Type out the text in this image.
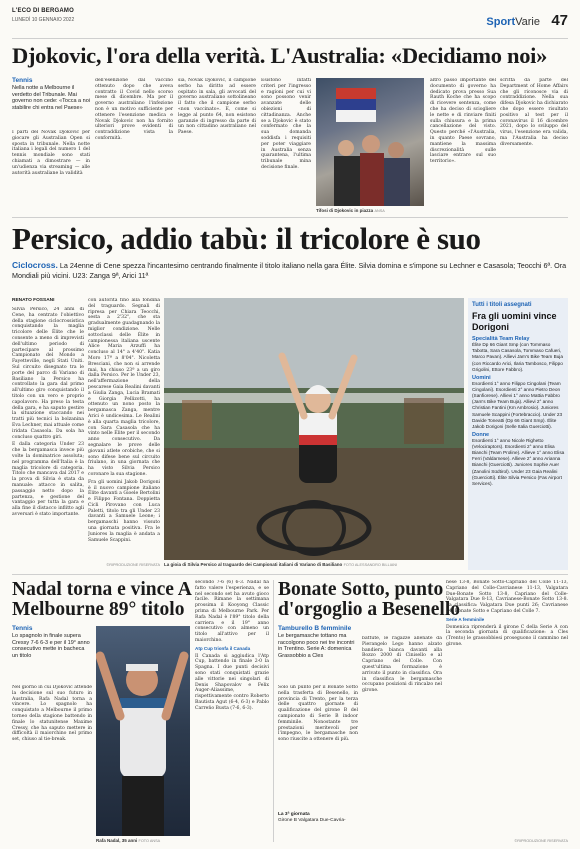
L'ECO DI BERGAMO
LUNEDÌ 10 GENNAIO 2022	SportVarie 47
Djokovic, l'ora della verità. L'Australia: «Decidiamo noi»
Tennis
Nella notte a Melbourne il verdetto del Tribunale. Mai governo non cede: «Tocca a noi stabilire chi entra nel Paese»
I parti del Novak Djokovic per giocare gli Australian Open si sposta in tribunale. Nella notte italiana i legali del numero 1 del tennis mondiale sono stati chiamati a dimostrare — in un'udienza via streaming — alle autorità australiane la validità
dell'esenzione dal vaccino ottenuto dopo che aveva contratto il Covid nello scorso mese di dicembre. Ma per il governo australiano l'infezione non è un motivo sufficiente per ottenere l'esenzione medica e Novak Djokovic non ha fornito ulteriori prove evidenti di contraddizione vista la conformità.
sia, Novak Djokovic, il campione serbo ha diritto ad essere ospitato in sala, gli avvocati del governo australiano sottolineano il fatto che il campione serbo «non vaccinato». E, come si legge al punto 64, non esistono garanzie di ingresso da parte di un non cittadino australiano nel Paese.
Esistono infatti criteri per l'ingresso e ragioni per cui vi sono possono venir avanzate delle obiezioni di cittadinanza. Anche se a Djokovic è stato confermato che la sua domanda soddisfa i requisiti per poter viaggiare in Australia senza quarantena, l'ultima tribunale mina decisione finale.
Tifosi di Djokovic in piazza ANSA
altro passo importante del documento di governo ha dedicato prova presso Sua Rauth Koche che ha scopo di ricevere sentenza, come che ha deciso di sciogliere le nette e di rinviare finiti sulla chiusura e la prima cancellazione del visto. Questo perché «l'Australia, in quanto Paese sovrano, mantiene la massima discrezionalità sulle lasciare entrare sul suo territorio».
scritta da parte del Department of Home Affairs che gli riconosce via di contraddizione. Nella sua difesa Djokovic ha dichiarato che dopo essere risultato positivo al test per il coronavirus il 16 dicembre 2021, dopo lo sviluppo del virus, l'esenzione era valida, ma l'Australia ha deciso diversamente.
Persico, addio tabù: il tricolore è suo
Ciclocross. La 24enne di Cene spezza l'incantesimo centrando finalmente il titolo italiano nella gara Élite. Silvia domina e s'impone su Lechner e Casasola; Teocchi 6ª. Ora Mondiali più vicini. U23: Zanga 9ª, Arici 11ª
RENATO FOSSANI

Silvia Persico, 24 anni di Cene, ha centrato l'obiettivo della stagione ciclocrossistica conquistando la maglia tricolore delle Élite che le consente a meno di imprevisti dell'ultimo periodo di partecipare al prossimo Campionato del Mondo a Fayetteville, negli Stati Uniti. Sul circuito disegnato tra le porte del parco di Variano di Basiliano la Persico ha controllato la gara dal primo all'ultimo giro conquistando il titolo con un vero e proprio capolavoro. Ha preso la testa della gara, e ha saputo gestire la situazione staccando nei tratti più tecnici la bolzanina Eva Lechner, mai attuale come iridata Casasola. Da sola ha concluso quattro giri.

E dalla categoria Under 23 che la bergamasca invece più volte la dominatrice assoluta; nel programma dell'Italia è la maglia tricolore di categoria. Titolo che mancava dal 2017 e la prova di Silvia è stata da manuale: attacco in salita, passaggio netto dopo la partenza, e gestione del vantaggio per tutta la gara e alla fine il distacco inflitto agli avversari è stato importante.

con autorità fino alla fondina del traguardo. Segnali di ripresa per Chiara Teocchi, sesta a 2'32", che sta gradualmente guadagnando la miglior condizione. Nelle sottoclassi delle Élite in campionessa italiana uscente Alice Maria Arzuffi ha concluso al 14° a 4'40". Katia Moro 17ª a 8'04". Nicoletta Bresciani, che non si arrende mai, ha chiuso 23ª a un giro dalla Persico. Per le Under 23, nell'affermazione della pescarese Gaia Realini davanti a Giulia Zanga, Lucia Bramati e Giorgia Pellizotti, ha ottenuto un nono posto la bergamasca Zanga, mentre Arici è undicesima. Le Realini è alla quarta maglia tricolore, con Sara Casasola che ha vinto nelle Élite per il secondo anno consecutivo. Da segnalare le prove delle giovani atlete orobiche, che si sono difese bene sul circuito friulano, in una giornata che ha visto Silvia Persico coronare la sua stagione.

Fra gli uomini Jakob Dorigoni è il nuovo campione italiano Élite davanti a Gioele Bertolini e Filippo Fontana. Doppietta Cicli Pirovano con Luca Paletti, titolo tra gli Under 23 davanti a Samuele Leone; i bergamaschi hanno vissuto una giornata positiva. Fra le Juniores la maglia è andata a Samuele Scappini.

La gioia di Silvia Persico al traguardo dei Campionati italiani di Variano di Basiliano FOTO ALESSANDRO BILLIANI
©RIPRODUZIONE RISERVATA
Tutti i titoli assegnati
Fra gli uomini vince Dorigoni
Specialità Team Relay

Élite Dp 66 Giant Smp (con Tommaso Tabotta, Sara Casasola, Tommaso Cafueri, Marco Pavan). Allievi Jam's Bike Team Buja (con Riccardo Arici, Ilaria Tambosco, Filippo Grigolini, Ettore Fabbro).

Uomini

Esordienti 1° anno Filippo Cingolani (Team Cingolani). Esordienti 2° anno Pietro Deon (Sanfiorese). Allievi 1° anno Mattia Fabbro (Jam's Bike Team Buja). Allievi 2° anno Christian Fantini (Km Ambrosio). Juniores Samuele Scappini (Fortebraccio). Under 23 Davide Toneatti (Dp 66 Giant Smp). Élite Jakob Dorigoni (Selle Italia Guerciotti).

Donne

Esordienti 1° anno Nicole Righetto (Velociraptors). Esordienti 2° anno Elisa Bianchi (Team Proline). Allieve 1° anno Elisa Ferri (Valdarnese). Allieve 2° anno Arianna Bianchi (Guerciotti). Juniores Sophie Auer (Zanolini Südtirol). Under 23 Gaia Realini (Guerciotti). Élite Silvia Persico (Fas Airport Services).

Nadal torna e vince A Melbourne 89° titolo
Tennis
Lo spagnolo in finale supera Cressy 7-6 6-3 e per il 19° anno consecutivo mette in bacheca un titolo
Nel giorno in cui Djokovic attende la decisione sul suo futuro in Australia, Rafa Nadal torna a vincere. Lo spagnolo ha conquistato a Melbourne il primo torneo della stagione battendo in finale lo statunitense Maxime Cressy, che ha saputo mettere in difficoltà il maiorchino nel primo set, chiuso al tie-break.
Rafa Nadal, 35 anni FOTO ANSA

secondo 7-6 (6) 6-3. Nadal ha fatto valere l'esperienza, e se nel secondo set ha avuto gioco facile. Rimane la settimana prossima il Kooyong Classic prima di Melbourne Park. Per Rafa Nadal è l'89° titolo della carriera e il 19° anno consecutivo con almeno un titolo all'attivo per il maiorchino.

Atp Cup trionfa il Canada

Il Canada si aggiudica l'Atp Cup, battendo in finale 2-0 la Spagna. I due punti decisivi sono stati conquistati grazie alle vittorie nei singolari di Denis Shapovalov e Felix Auger-Aliassime, rispettivamente contro Roberto Bautista Agut (6-4, 6-3) e Pablo Carreño Busta (7-6, 6-3).

Bonate Sotto, punto d'orgoglio a Besenello
Tamburello B femminile
Le bergamasche tottano ma raccolgono poco nei tre incontri in Trentino. Serie A: domenica Grassobbio a Cles
Solo un punto per il Bonate Sotto nella trasferta di Besenello, in provincia di Trento, per la terza delle quattro giornate di qualificazione del girone B del campionato di Serie B indoor femminile. Nonostante tre prestazioni meritevoli per l'impegno, le bergamasche non sono riuscite a ottenere di più.
La 3ª giornata
Girone B Valgatara Due-Cavria-
battute, le ragazze allenate da Pierangelo Lego hanno alzato bandiera bianca davanti alla Bozzo 2000 di Cinisello e al Capriano del Colle. Con quest'ultima formazione è arrivato il punto in classifica. Ora in classifica le bergamasche occupano posizioni di rincalzo nel girone.

nese 13-8, Bonate Sotto-Capriano del Colle 11-13, Capriano del Colle-Cavrianese 11-13, Valgatara Due-Bonate Sotto 13-8, Capriano del Colle-Valgatara Due 8-13, Cavrianese-Bonate Sotto 13-8. La classifica: Valgatara Due punti 26; Cavrianese 14; Bonate Sotto e Capriano del Colle 7.

Serie A femminile

Domenica riprenderà il girone C della Serie A con la seconda giornata di qualificazione: a Cles (Trento) le grassobbiesi proseguono il cammino nel girone.

©RIPRODUZIONE RISERVATA
